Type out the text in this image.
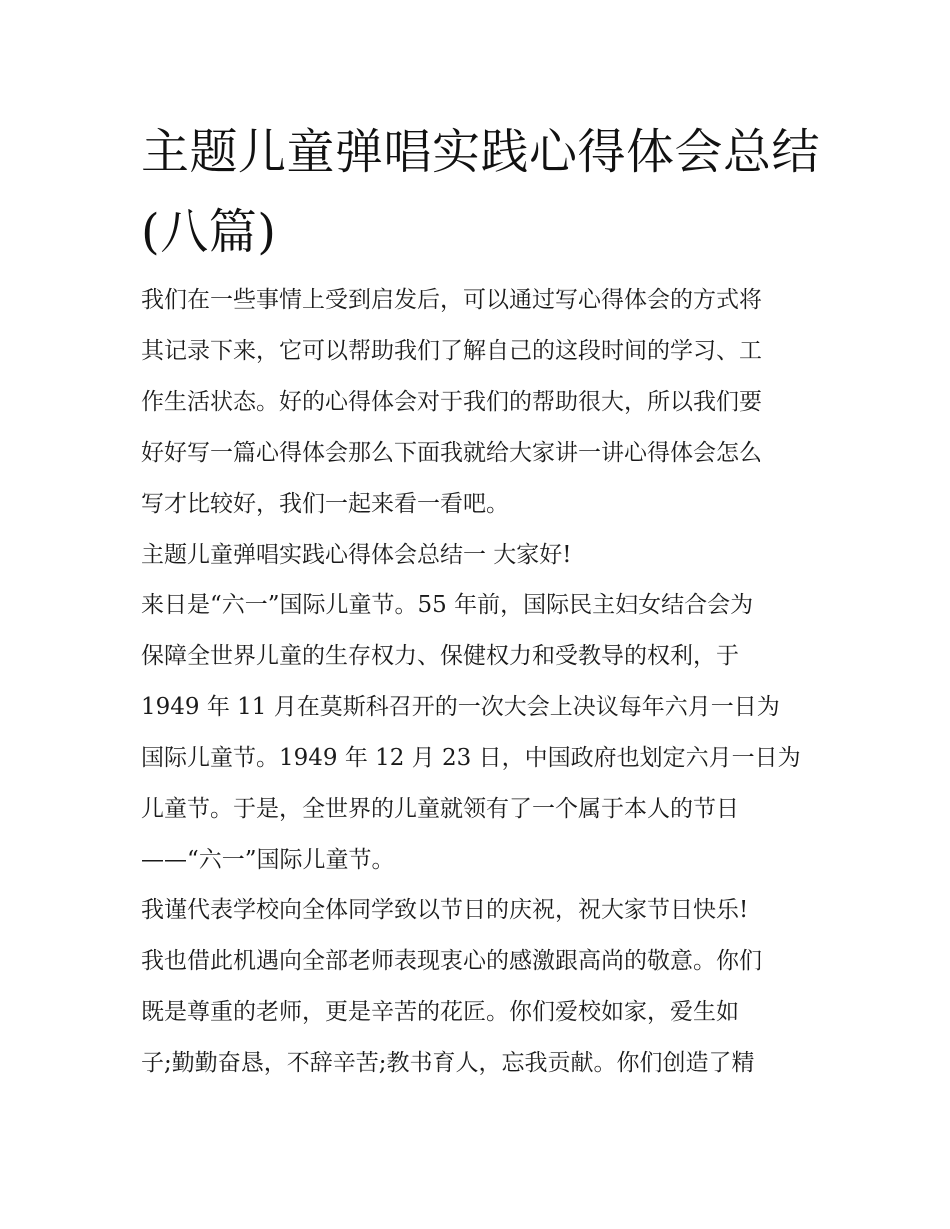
主题儿童弹唱实践心得体会总结(八篇)

我们在一些事情上受到启发后，可以通过写心得体会的方式将

其记录下来，它可以帮助我们了解自己的这段时间的学习、工

作生活状态。好的心得体会对于我们的帮助很大，所以我们要

好好写一篇心得体会那么下面我就给大家讲一讲心得体会怎么

写才比较好，我们一起来看一看吧。

主题儿童弹唱实践心得体会总结一 大家好!

来日是“六一”国际儿童节。55 年前，国际民主妇女结合会为

保障全世界儿童的生存权力、保健权力和受教导的权利，于

1949 年 11 月在莫斯科召开的一次大会上决议每年六月一日为

国际儿童节。1949 年 12 月 23 日，中国政府也划定六月一日为

儿童节。于是，全世界的儿童就领有了一个属于本人的节日

——“六一”国际儿童节。

我谨代表学校向全体同学致以节日的庆祝，祝大家节日快乐!

我也借此机遇向全部老师表现衷心的感激跟高尚的敬意。你们

既是尊重的老师，更是辛苦的花匠。你们爱校如家，爱生如

子;勤勤奋恳，不辞辛苦;教书育人，忘我贡献。你们创造了精
